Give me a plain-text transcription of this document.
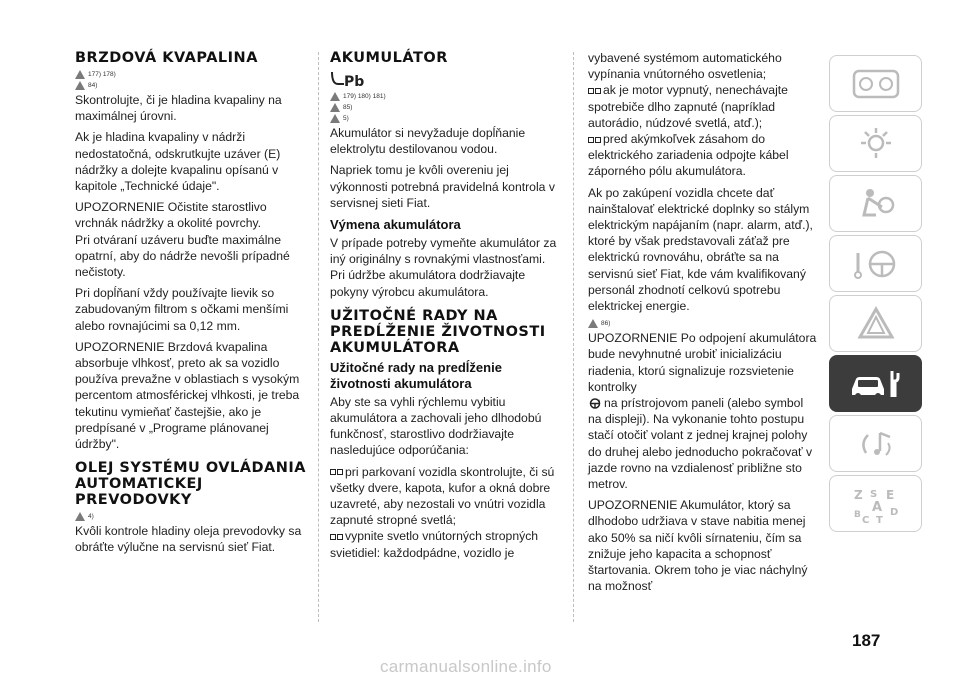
BRZDOVÁ KVAPALINA
177) 178)
84)

Skontrolujte, či je hladina kvapaliny na maximálnej úrovni.

Ak je hladina kvapaliny v nádrži nedostatočná, odskrutkujte uzáver (E) nádržky a dolejte kvapalinu opísanú v kapitole „Technické údaje".

UPOZORNENIE Očistite starostlivo vrchnák nádržky a okolité povrchy.

Pri otváraní uzáveru buďte maximálne opatrní, aby do nádrže nevošli prípadné nečistoty.

Pri dopĺňaní vždy používajte lievik so zabudovaným filtrom s očkami menšími alebo rovnajúcimi sa 0,12 mm.

UPOZORNENIE Brzdová kvapalina absorbuje vlhkosť, preto ak sa vozidlo používa prevažne v oblastiach s vysokým percentom atmosférickej vlhkosti, je treba tekutinu vymieňať častejšie, ako je predpísané v „Programe plánovanej údržby".

OLEJ SYSTÉMU OVLÁDANIA AUTOMATICKEJ PREVODOVKY
4)

Kvôli kontrole hladiny oleja prevodovky sa obráťte výlučne na servisnú sieť Fiat.

AKUMULÁTOR
Pb
179) 180) 181)
85)
5)

Akumulátor si nevyžaduje dopĺňanie elektrolytu destilovanou vodou.

Napriek tomu je kvôli overeniu jej výkonnosti potrebná pravidelná kontrola v servisnej sieti Fiat.

Výmena akumulátora

V prípade potreby vymeňte akumulátor za iný originálny s rovnakými vlastnosťami. Pri údržbe akumulátora dodržiavajte pokyny výrobcu akumulátora.

UŽITOČNÉ RADY NA PREDĹŽENIE ŽIVOTNOSTI AKUMULÁTORA
Užitočné rady na predĺženie životnosti akumulátora

Aby ste sa vyhli rýchlemu vybitiu akumulátora a zachovali jeho dlhodobú funkčnosť, starostlivo dodržiavajte nasledujúce odporúčania:

pri parkovaní vozidla skontrolujte, či sú všetky dvere, kapota, kufor a okná dobre uzavreté, aby nezostali vo vnútri vozidla zapnuté stropné svetlá;

vypnite svetlo vnútorných stropných svietidiel: každodpádne, vozidlo je

vybavené systémom automatického vypínania vnútorného osvetlenia;

ak je motor vypnutý, nenechávajte spotrebiče dlho zapnuté (napríklad autorádio, núdzové svetlá, atď.);

pred akýmkoľvek zásahom do elektrického zariadenia odpojte kábel záporného pólu akumulátora.

Ak po zakúpení vozidla chcete dať nainštalovať elektrické doplnky so stálym elektrickým napájaním (napr. alarm, atď.), ktoré by však predstavovali záťaž pre elektrickú rovnováhu, obráťte sa na servisnú sieť Fiat, kde vám kvalifikovaný personál zhodnotí celkovú spotrebu elektrickej energie.

86)

UPOZORNENIE Po odpojení akumulátora bude nevyhnutné urobiť inicializáciu riadenia, ktorú signalizuje rozsvietenie kontrolky

! na prístrojovom paneli (alebo symbol na displeji). Na vykonanie tohto postupu stačí otočiť volant z jednej krajnej polohy do druhej alebo jednoducho pokračovať v jazde rovno na vzdialenosť približne sto metrov.

UPOZORNENIE Akumulátor, ktorý sa dlhodobo udržiava v stave nabitia menej ako 50% sa ničí kvôli sírnateniu, čím sa znižuje jeho kapacita a schopnosť štartovania. Okrem toho je viac náchylný na možnosť

Z S E
A
B C T
D
187
carmanualsonline.info
